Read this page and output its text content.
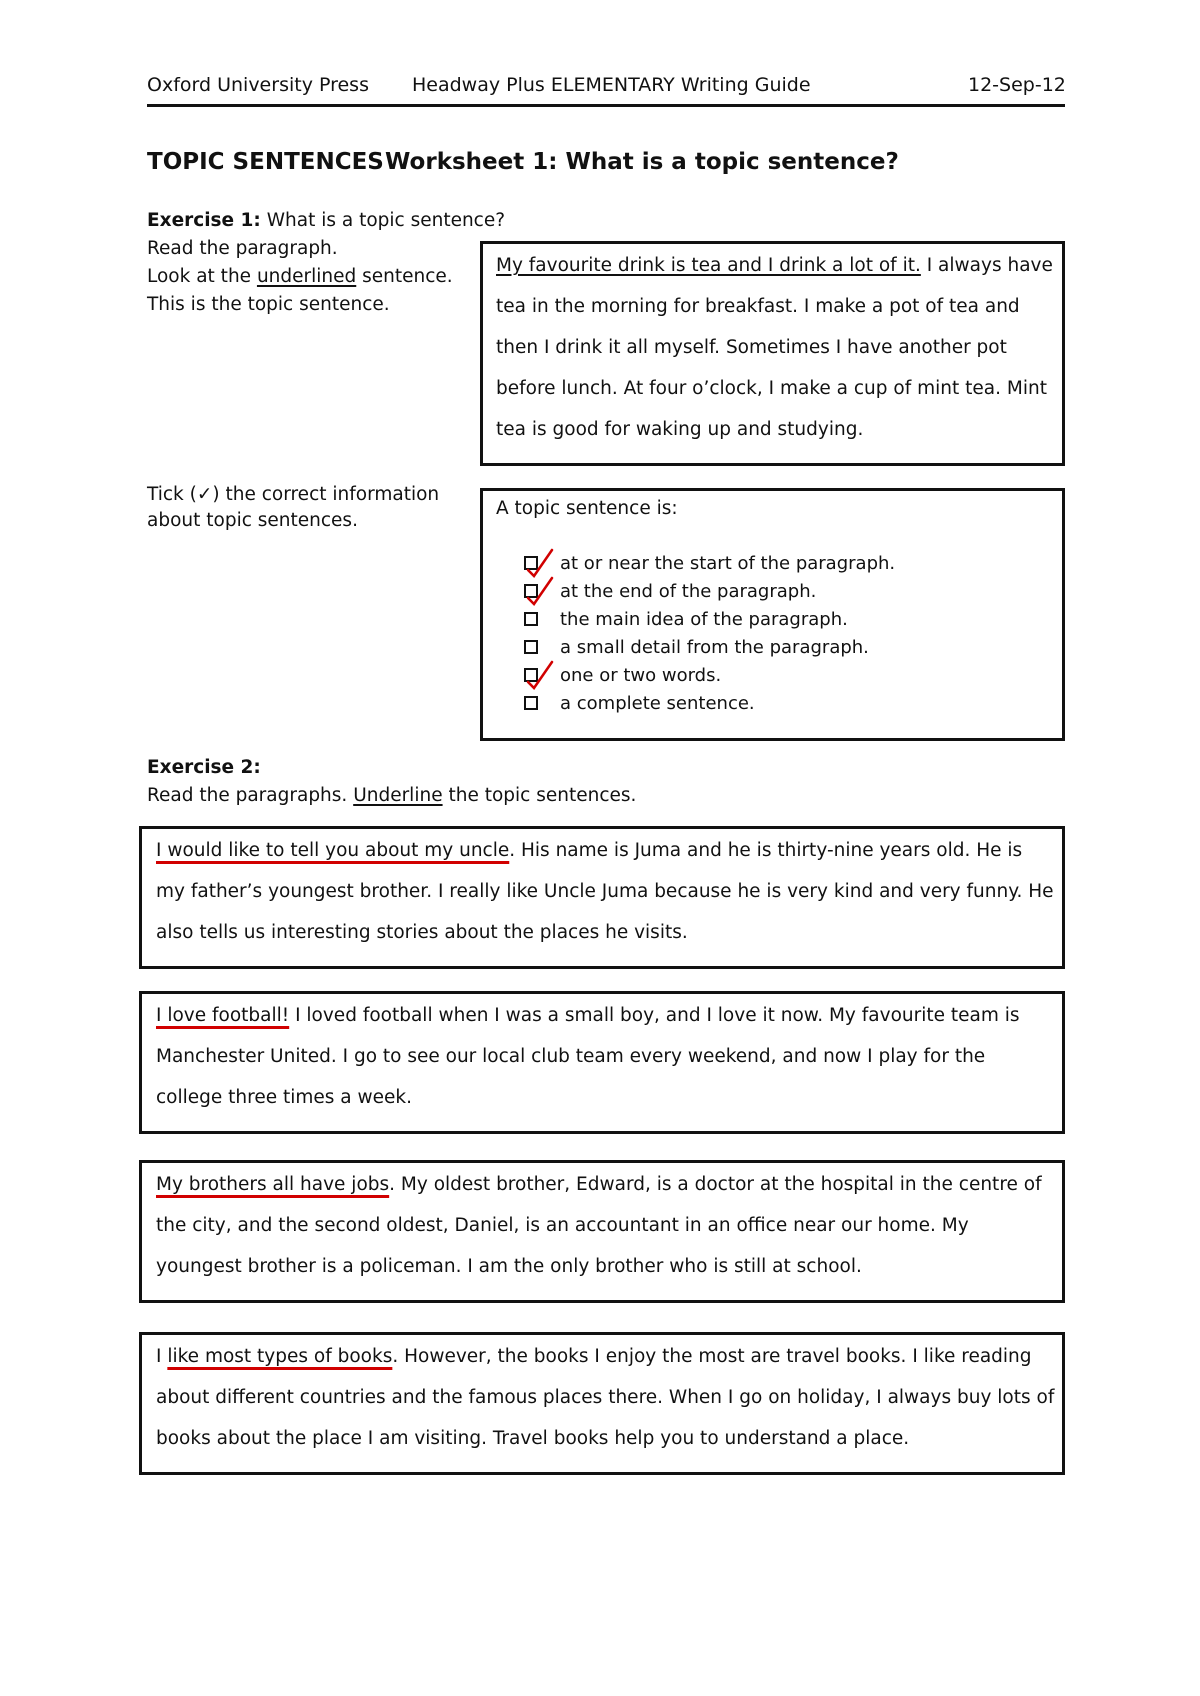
Oxford University Press Headway Plus ELEMENTARY Writing Guide	12-Sep-12
TOPIC SENTENCES Worksheet 1: What is a topic sentence?
Exercise 1: What is a topic sentence?
Read the paragraph.
Look at the underlined sentence.
This is the topic sentence.
My favourite drink is tea and I drink a lot of it. I always have tea in the morning for breakfast. I make a pot of tea and then I drink it all myself. Sometimes I have another pot before lunch. At four o’clock, I make a cup of mint tea. Mint tea is good for waking up and studying.
Tick (✓) the correct information about topic sentences.
A topic sentence is:
at or near the start of the paragraph.
at the end of the paragraph.
the main idea of the paragraph.
a small detail from the paragraph.
one or two words.
a complete sentence.
Exercise 2:
Read the paragraphs. Underline the topic sentences.
I would like to tell you about my uncle. His name is Juma and he is thirty-nine years old. He is my father’s youngest brother. I really like Uncle Juma because he is very kind and very funny. He also tells us interesting stories about the places he visits.
I love football! I loved football when I was a small boy, and I love it now. My favourite team is Manchester United. I go to see our local club team every weekend, and now I play for the college three times a week.
My brothers all have jobs. My oldest brother, Edward, is a doctor at the hospital in the centre of the city, and the second oldest, Daniel, is an accountant in an office near our home. My youngest brother is a policeman. I am the only brother who is still at school.
I like most types of books. However, the books I enjoy the most are travel books. I like reading about different countries and the famous places there. When I go on holiday, I always buy lots of books about the place I am visiting. Travel books help you to understand a place.
